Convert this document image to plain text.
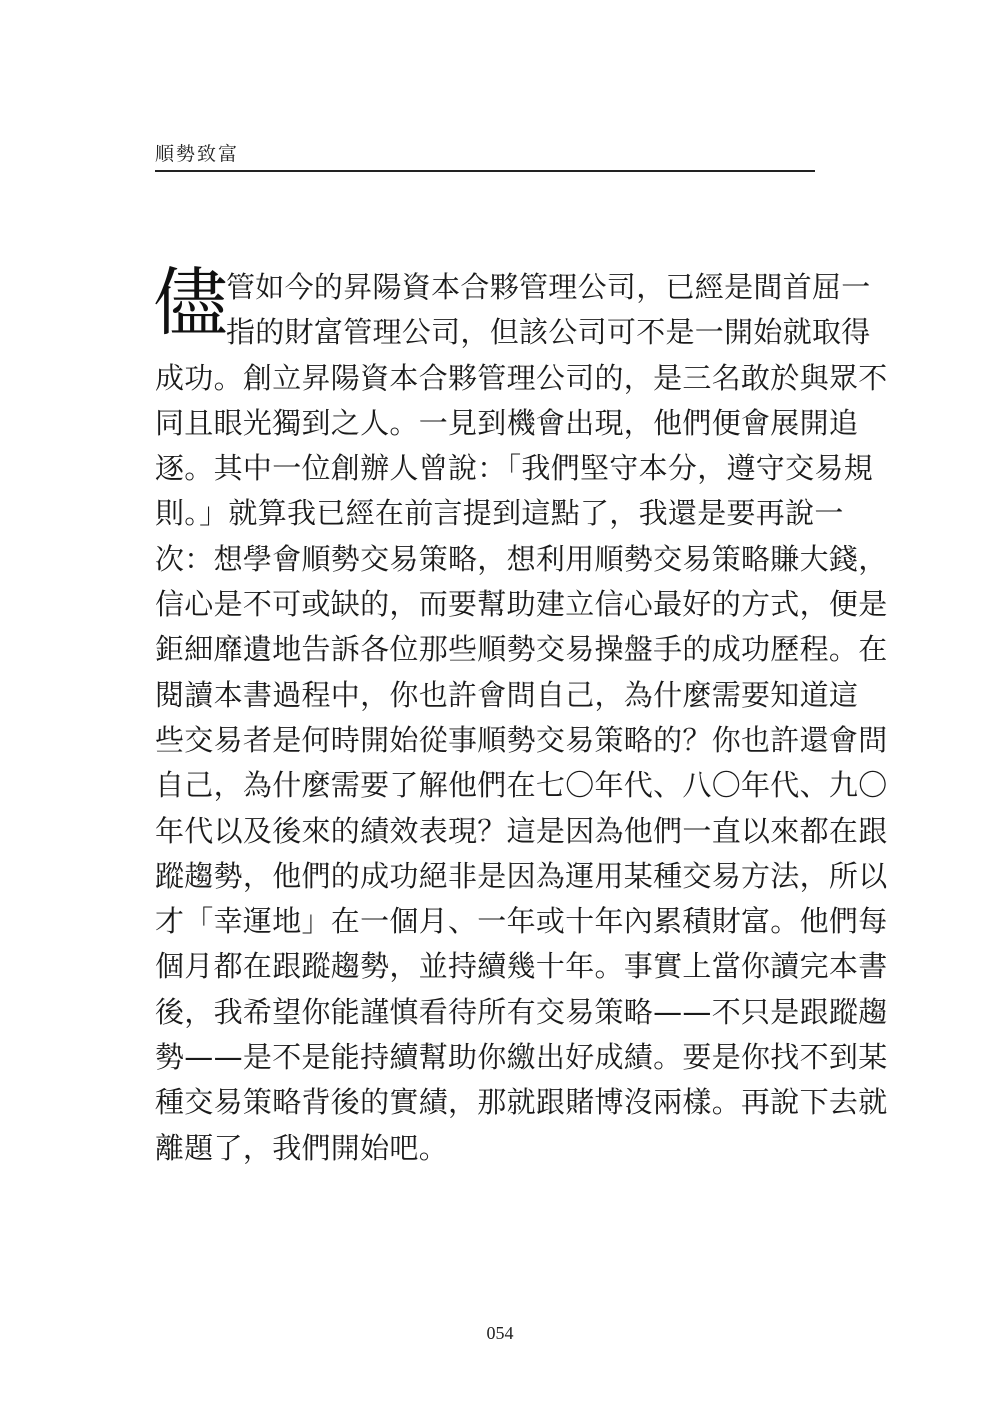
順勢致富
儘 管如今的昇陽資本合夥管理公司，已經是間首屈一
指的財富管理公司，但該公司可不是一開始就取得
成功。創立昇陽資本合夥管理公司的，是三名敢於與眾不
同且眼光獨到之人。一見到機會出現，他們便會展開追
逐。其中一位創辦人曾說：「我們堅守本分，遵守交易規
則。」就算我已經在前言提到這點了，我還是要再說一
次：想學會順勢交易策略，想利用順勢交易策略賺大錢，
信心是不可或缺的，而要幫助建立信心最好的方式，便是
鉅細靡遺地告訴各位那些順勢交易操盤手的成功歷程。在
閱讀本書過程中，你也許會問自己，為什麼需要知道這
些交易者是何時開始從事順勢交易策略的？你也許還會問
自己，為什麼需要了解他們在七〇年代、八〇年代、九〇
年代以及後來的績效表現？這是因為他們一直以來都在跟
蹤趨勢，他們的成功絕非是因為運用某種交易方法，所以
才「幸運地」在一個月、一年或十年內累積財富。他們每
個月都在跟蹤趨勢，並持續幾十年。事實上當你讀完本書
後，我希望你能謹慎看待所有交易策略——不只是跟蹤趨
勢——是不是能持續幫助你繳出好成績。要是你找不到某
種交易策略背後的實績，那就跟賭博沒兩樣。再說下去就
離題了，我們開始吧。
054
